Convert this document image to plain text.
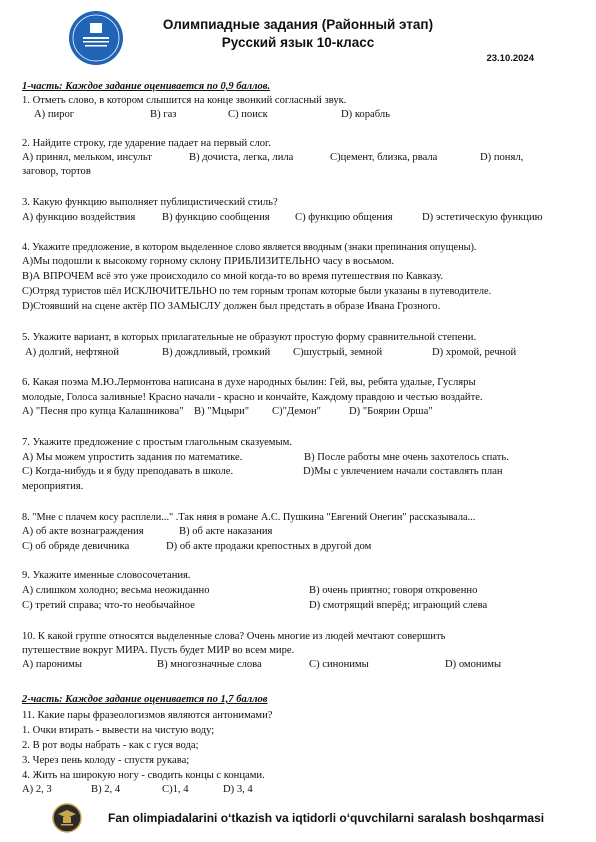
Олимпиадные задания (Районный этап)
Русский язык 10-класс
23.10.2024
1-часть: Каждое задание оценивается по 0,9 баллов.
1. Отметь слово, в котором слышится на конце звонкий согласный звук.
А) пирог	В) газ	С) поиск	D) корабль
2. Найдите строку, где ударение падает на первый слог.
A) принял, мельком, инсульт	B) дочиста, легка, лила	C)цемент, близка, рвала	D) понял,
заговор, тортов
3. Какую функцию выполняет публицистический стиль?
А) функцию воздействия	В) функцию сообщения С) функцию общения	D) эстетическую функцию
4. Укажите предложение, в котором выделенное слово является вводным (знаки препинания опущены).
А)Мы подошли к высокому горному склону ПРИБЛИЗИТЕЛЬНО часу в восьмом.
В)А ВПРОЧЕМ всё это уже происходило со мной когда-то во время путешествия по Кавказу.
С)Отряд туристов шёл ИСКЛЮЧИТЕЛЬНО по тем горным тропам которые были указаны в путеводителе.
D)Стоявший на сцене актёр ПО ЗАМЫСЛУ должен был предстать в образе Ивана Грозного.
5. Укажите вариант, в которых прилагательные не образуют простую форму сравнительной степени.
А) долгий, нефтяной	В) дождливый, громкий С)шустрый, земной	D) хромой, речной
6. Какая поэма М.Ю.Лермонтова написана в духе народных былин: Гей, вы, ребята удалые, Гусляры
молодые, Голоса заливные! Красно начали - красно и кончайте, Каждому правдою и честью воздайте.
А) "Песня про купца Калашникова" В) "Мцыри" С)"Демон"	D) "Боярин Орша"
7. Укажите предложение с простым глагольным сказуемым.
А) Мы можем упростить задания по математике.	В) После работы мне очень захотелось спать.
С) Когда-нибудь и я буду преподавать в школе.	D)Мы с увлечением начали составлять план
мероприятия.
8. "Мне с плачем косу расплели..." .Так няня в романе А.С. Пушкина "Евгений Онегин" рассказывала...
А) об акте вознаграждения	В) об акте наказания
С) об обряде девичника	D) об акте продажи крепостных в другой дом
9. Укажите именные словосочетания.
А) слишком холодно; весьма неожиданно	В) очень приятно; говоря откровенно
С) третий справа; что-то необычайное	D) смотрящий вперёд; играющий слева
10. К какой группе относятся выделенные слова? Очень многие из людей мечтают совершить
путешествие вокруг МИРА. Пусть будет МИР во всем мире.
А) паронимы	В) многозначные слова	С) синонимы	D) омонимы
2-часть: Каждое задание оценивается по 1,7 баллов
11. Какие пары фразеологизмов являются антонимами?
1. Очки втирать - вывести на чистую воду;
2. В рот воды набрать - как с гуся вода;
3. Через пень колоду - спустя рукава;
4. Жить на широкую ногу - сводить концы с концами.
А) 2, 3	В) 2, 4	С)1, 4	D) 3, 4
Fan olimpiadalarini o‘tkazish va iqtidorli o‘quvchilarni saralash boshqarmasi
